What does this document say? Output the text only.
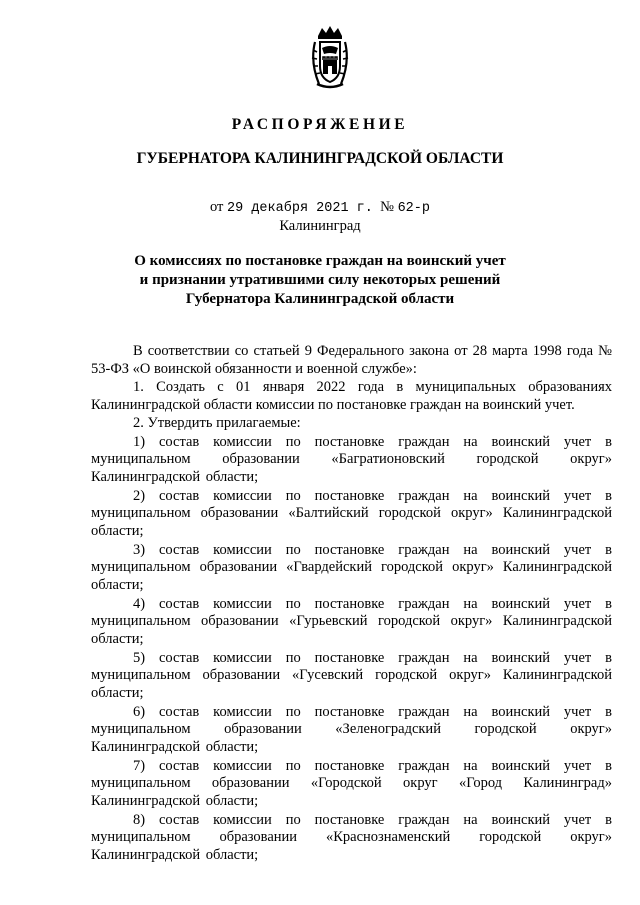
РАСПОРЯЖЕНИЕ
ГУБЕРНАТОРА КАЛИНИНГРАДСКОЙ ОБЛАСТИ
от 29 декабря 2021 г. № 62-р
Калининград
О комиссиях по постановке граждан на воинский учет
и признании утратившими силу некоторых решений
Губернатора Калининградской области
В соответствии со статьей 9 Федерального закона от 28 марта 1998 года № 53-ФЗ «О воинской обязанности и военной службе»:
1. Создать с 01 января 2022 года в муниципальных образованиях Калининградской области комиссии по постановке граждан на воинский учет.
2. Утвердить прилагаемые:
1) состав комиссии по постановке граждан на воинский учет в муниципальном образовании «Багратионовский городской округ» Калининградской области;
2) состав комиссии по постановке граждан на воинский учет в муниципальном образовании «Балтийский городской округ» Калининградской области;
3) состав комиссии по постановке граждан на воинский учет в муниципальном образовании «Гвардейский городской округ» Калининградской области;
4) состав комиссии по постановке граждан на воинский учет в муниципальном образовании «Гурьевский городской округ» Калининградской области;
5) состав комиссии по постановке граждан на воинский учет в муниципальном образовании «Гусевский городской округ» Калининградской области;
6) состав комиссии по постановке граждан на воинский учет в муниципальном образовании «Зеленоградский городской округ» Калининградской области;
7) состав комиссии по постановке граждан на воинский учет в муниципальном образовании «Городской округ «Город Калининград» Калининградской области;
8) состав комиссии по постановке граждан на воинский учет в муниципальном образовании «Краснознаменский городской округ» Калининградской области;
